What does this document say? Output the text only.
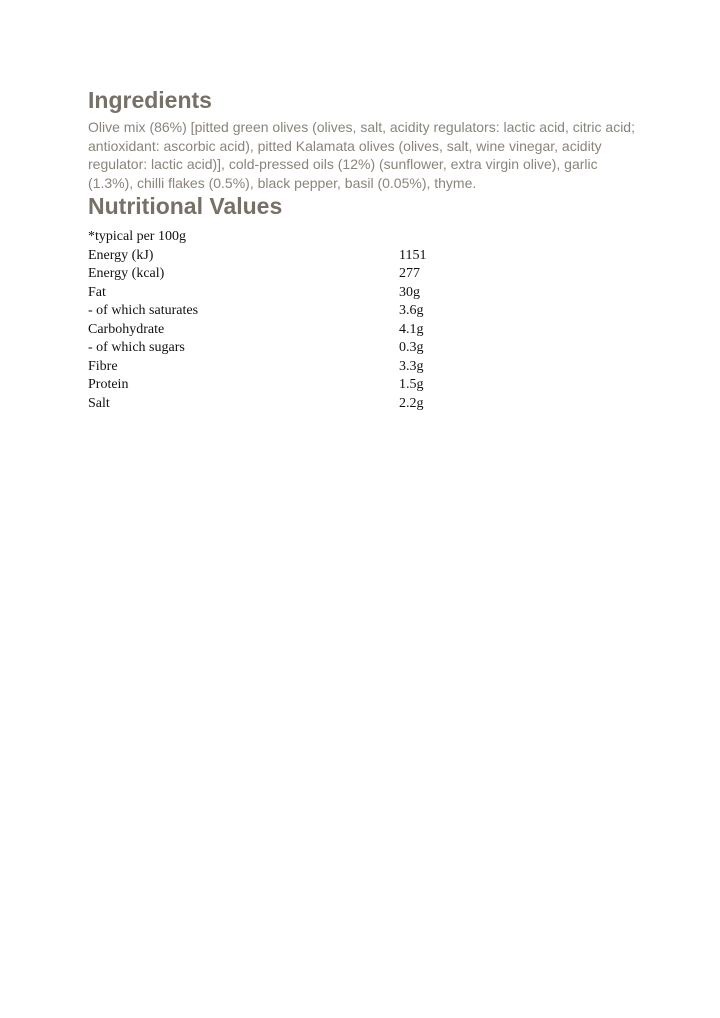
Ingredients

Olive mix (86%) [pitted green olives (olives, salt, acidity regulators: lactic acid, citric acid; antioxidant: ascorbic acid), pitted Kalamata olives (olives, salt, wine vinegar, acidity regulator: lactic acid)], cold-pressed oils (12%) (sunflower, extra virgin olive), garlic (1.3%), chilli flakes (0.5%), black pepper, basil (0.05%), thyme.

Nutritional Values
*typical per 100g	
Energy (kJ)	1151
Energy (kcal)	277
Fat	30g
- of which saturates	3.6g
Carbohydrate	4.1g
- of which sugars	0.3g
Fibre	3.3g
Protein	1.5g
Salt	2.2g
